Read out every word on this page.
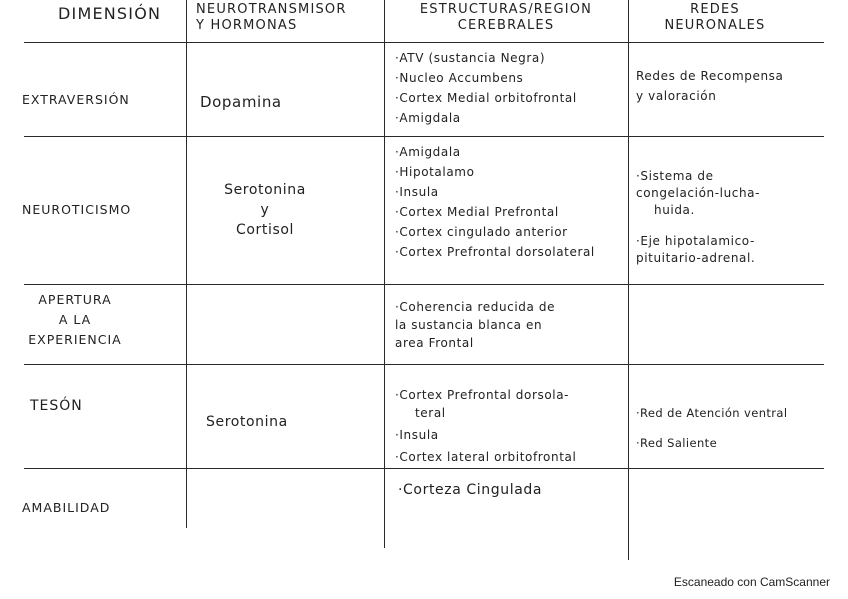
DIMENSIÓN	NEUROTRANSMISOR
Y HORMONAS
ESTRUCTURAS/REGION
CEREBRALES
REDES
NEURONALES
EXTRAVERSIÓN	Dopamina
·ATV (sustancia Negra)
·Nucleo Accumbens
·Cortex Medial orbitofrontal
·Amigdala
Redes de Recompensa
y valoración
NEUROTICISMO
Serotonina
y
Cortisol
·Amigdala
·Hipotalamo
·Insula
·Cortex Medial Prefrontal
·Cortex cingulado anterior
·Cortex Prefrontal dorsolateral
·Sistema de
congelación-lucha-
huida.
·Eje hipotalamico-
pituitario-adrenal.
APERTURA
A LA
EXPERIENCIA
·Coherencia reducida de
la sustancia blanca en
area Frontal
TESÓN
Serotonina
·Cortex Prefrontal dorsola-
teral
·Insula
·Cortex lateral orbitofrontal
·Red de Atención ventral
·Red Saliente
AMABILIDAD
·Corteza Cingulada
Escaneado con CamScanner
